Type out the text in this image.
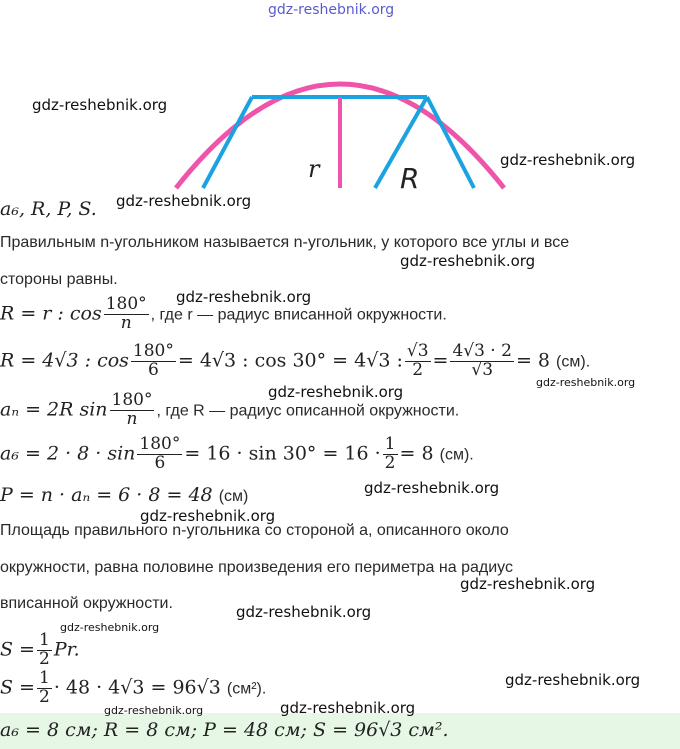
gdz-reshebnik.org
r	R
gdz-reshebnik.org
gdz-reshebnik.org
a₆, R, P, S. gdz-reshebnik.org
Правильным n-угольником называется n-угольник, у которого все углы и все
gdz-reshebnik.org
стороны равны.
gdz-reshebnik.org
R = r : $\cos \frac{180^\circ}{n}$ , где r — радиус вписанной окружности.
R = 4√3 : $\cos \frac{180^\circ}{6} = 4√3$ : cos 30° = 4√3 : $\frac{√3}{2} = \frac{4√3 \cdot 2}{√3} = 8$ (см).
gdz-reshebnik.org
gdz-reshebnik.org
aₙ = 2R $\sin \frac{180^\circ}{n}$ , где R — радиус описанной окружности.
$a_6 = 2 \cdot 8 \cdot \sin \frac{180^\circ}{6} = 16 \cdot \sin 30^\circ = 16 \cdot \frac{1}{2} = 8$ (см).
gdz-reshebnik.org
P = n · aₙ = 6 · 8 = 48 (см)
gdz-reshebnik.org
Площадь правильного n-угольника со стороной a, описанного около
окружности, равна половине произведения его периметра на радиус
gdz-reshebnik.org
вписанной окружности.	gdz-reshebnik.org
gdz-reshebnik.org
$S = \frac{1}{2} Pr$.
$S = \frac{1}{2} \cdot 48 \cdot 4√3 = 96√3$ (см²).	gdz-reshebnik.org
gdz-reshebnik.org
gdz-reshebnik.org
a₆ = 8 см; R = 8 см; P = 48 см; S = 96√3 см².
